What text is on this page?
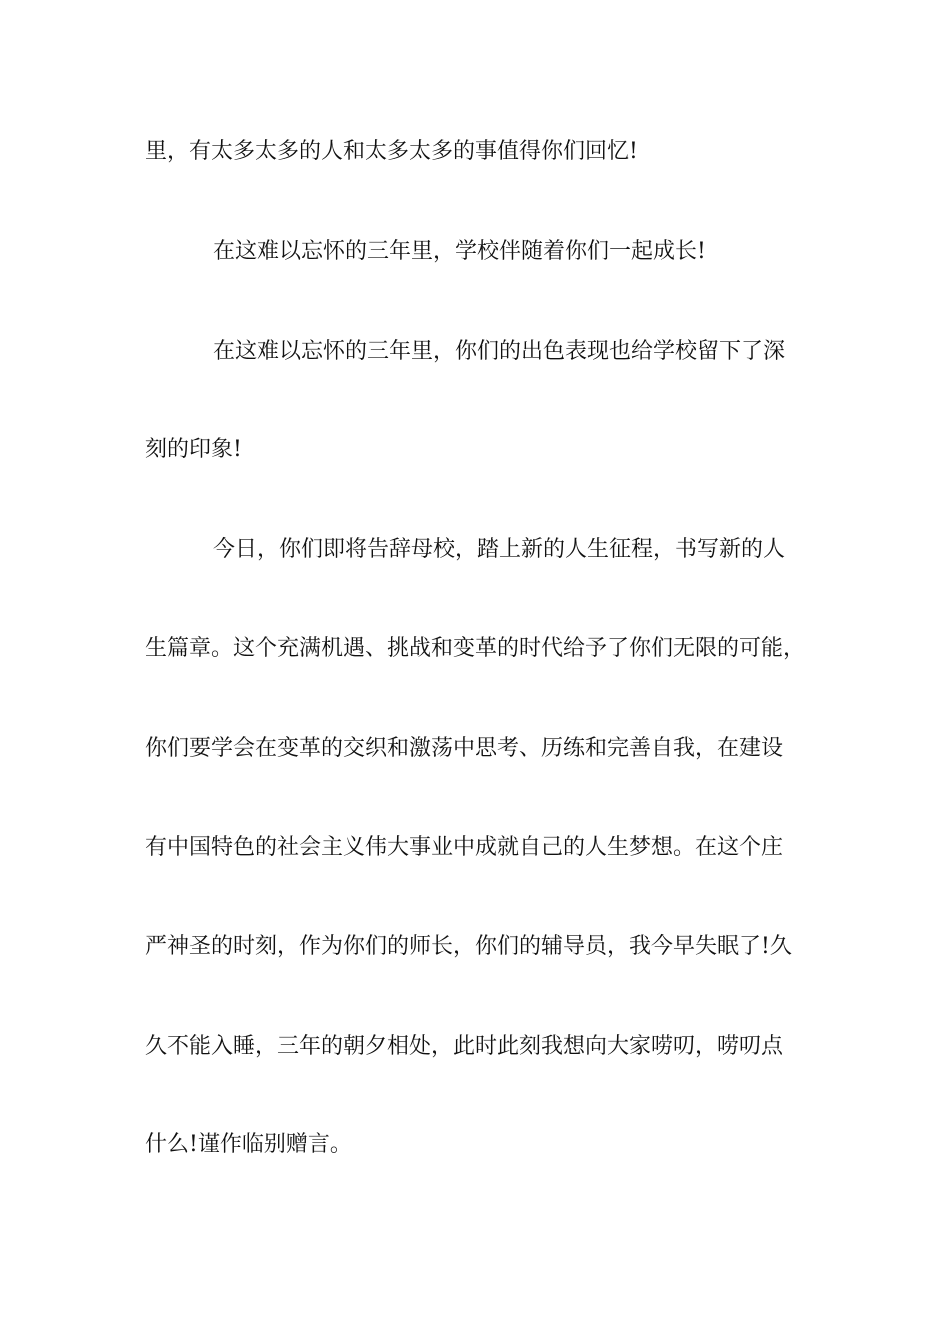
里，有太多太多的人和太多太多的事值得你们回忆!

在这难以忘怀的三年里，学校伴随着你们一起成长!

在这难以忘怀的三年里，你们的出色表现也给学校留下了深

刻的印象!

今日，你们即将告辞母校，踏上新的人生征程，书写新的人

生篇章。这个充满机遇、挑战和变革的时代给予了你们无限的可能，

你们要学会在变革的交织和激荡中思考、历练和完善自我，在建设

有中国特色的社会主义伟大事业中成就自己的人生梦想。在这个庄

严神圣的时刻，作为你们的师长，你们的辅导员，我今早失眠了!久

久不能入睡，三年的朝夕相处，此时此刻我想向大家唠叨，唠叨点

什么!谨作临别赠言。
